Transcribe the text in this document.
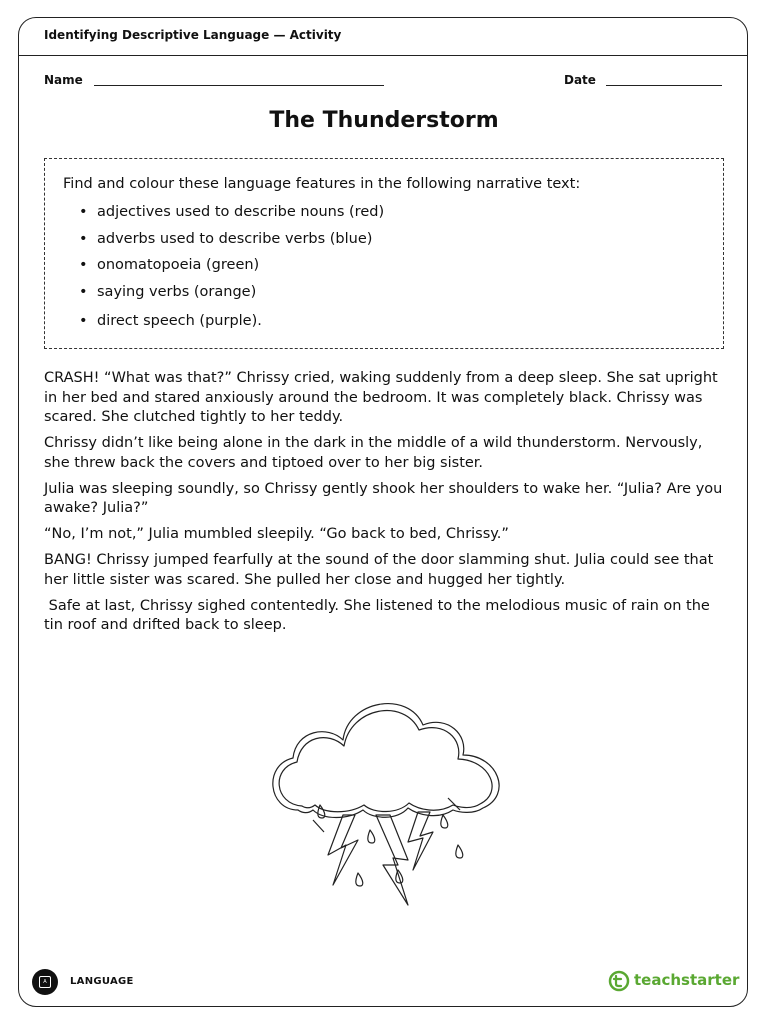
Identifying Descriptive Language — Activity
Name	Date
The Thunderstorm
Find and colour these language features in the following narrative text:
• adjectives used to describe nouns (red)
• adverbs used to describe verbs (blue)
• onomatopoeia (green)
• saying verbs (orange)
• direct speech (purple).

CRASH! “What was that?” Chrissy cried, waking suddenly from a deep sleep. She sat upright in her bed and stared anxiously around the bedroom. It was completely black. Chrissy was scared. She clutched tightly to her teddy.

Chrissy didn’t like being alone in the dark in the middle of a wild thunderstorm. Nervously, she threw back the covers and tiptoed over to her big sister.

Julia was sleeping soundly, so Chrissy gently shook her shoulders to wake her. “Julia? Are you awake? Julia?”

“No, I’m not,” Julia mumbled sleepily. “Go back to bed, Chrissy.”

BANG! Chrissy jumped fearfully at the sound of the door slamming shut. Julia could see that her little sister was scared. She pulled her close and hugged her tightly.

Safe at last, Chrissy sighed contentedly. She listened to the melodious music of rain on the tin roof and drifted back to sleep.

A	LANGUAGE	teachstarter
